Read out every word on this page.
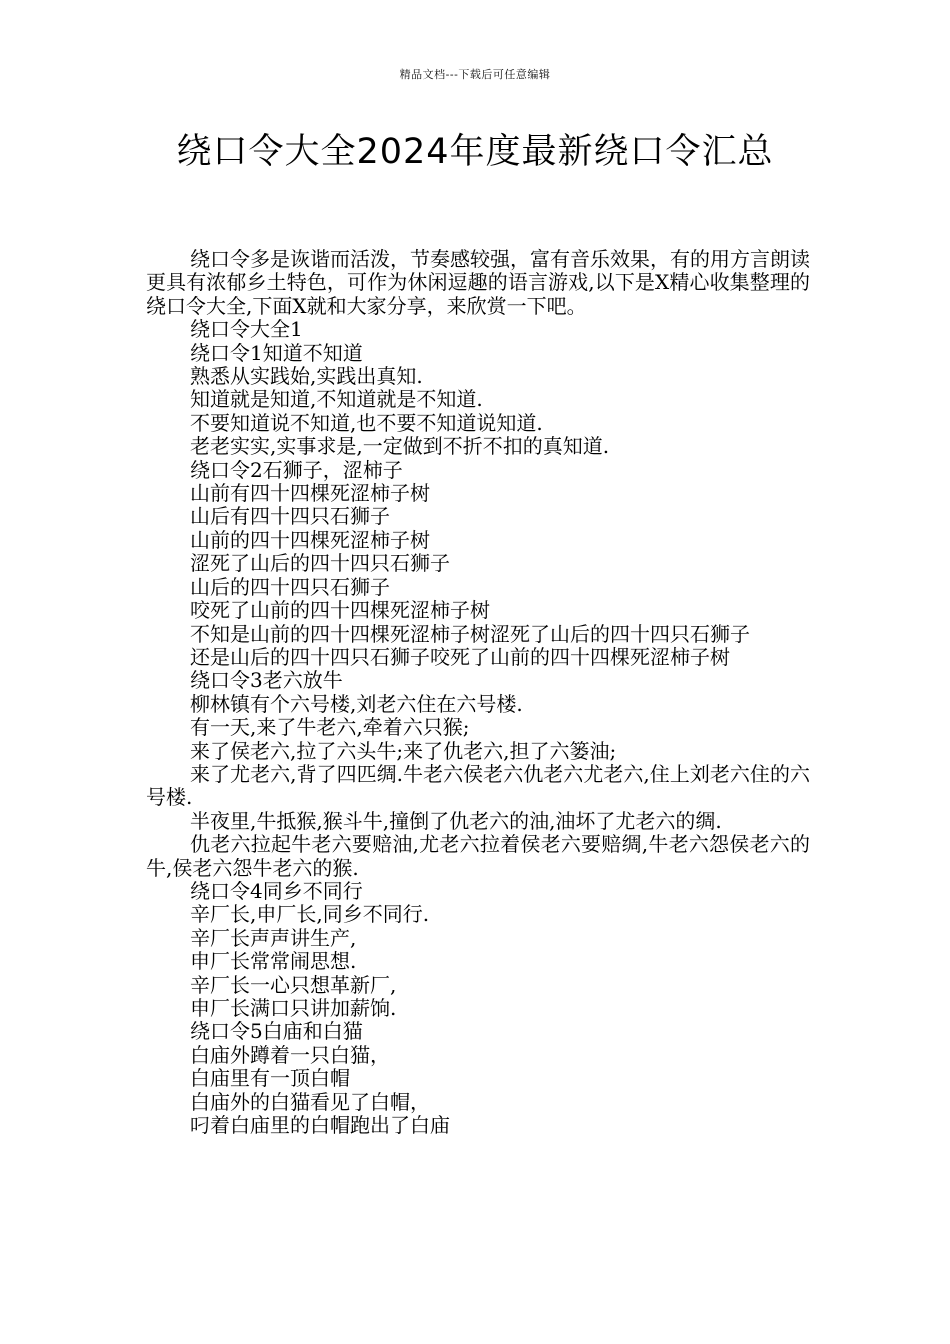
精品文档---下载后可任意编辑
绕口令大全2024年度最新绕口令汇总

绕口令多是诙谐而活泼，节奏感较强，富有音乐效果，有的用方言朗读更具有浓郁乡土特色，可作为休闲逗趣的语言游戏,以下是X精心收集整理的绕口令大全,下面X就和大家分享，来欣赏一下吧。

绕口令大全1

绕口令1知道不知道

熟悉从实践始,实践出真知.

知道就是知道,不知道就是不知道.

不要知道说不知道,也不要不知道说知道.

老老实实,实事求是,一定做到不折不扣的真知道.

绕口令2石狮子，涩柿子

山前有四十四棵死涩柿子树

山后有四十四只石狮子

山前的四十四棵死涩柿子树

涩死了山后的四十四只石狮子

山后的四十四只石狮子

咬死了山前的四十四棵死涩柿子树

不知是山前的四十四棵死涩柿子树涩死了山后的四十四只石狮子

还是山后的四十四只石狮子咬死了山前的四十四棵死涩柿子树

绕口令3老六放牛

柳林镇有个六号楼,刘老六住在六号楼.

有一天,来了牛老六,牵着六只猴;

来了侯老六,拉了六头牛;来了仇老六,担了六篓油;

来了尤老六,背了四匹绸.牛老六侯老六仇老六尤老六,住上刘老六住的六号楼.

半夜里,牛抵猴,猴斗牛,撞倒了仇老六的油,油坏了尤老六的绸.

仇老六拉起牛老六要赔油,尤老六拉着侯老六要赔绸,牛老六怨侯老六的牛,侯老六怨牛老六的猴.

绕口令4同乡不同行

辛厂长,申厂长,同乡不同行.

辛厂长声声讲生产,

申厂长常常闹思想.

辛厂长一心只想革新厂,

申厂长满口只讲加薪饷.

绕口令5白庙和白猫

白庙外蹲着一只白猫，

白庙里有一顶白帽

白庙外的白猫看见了白帽，

叼着白庙里的白帽跑出了白庙
